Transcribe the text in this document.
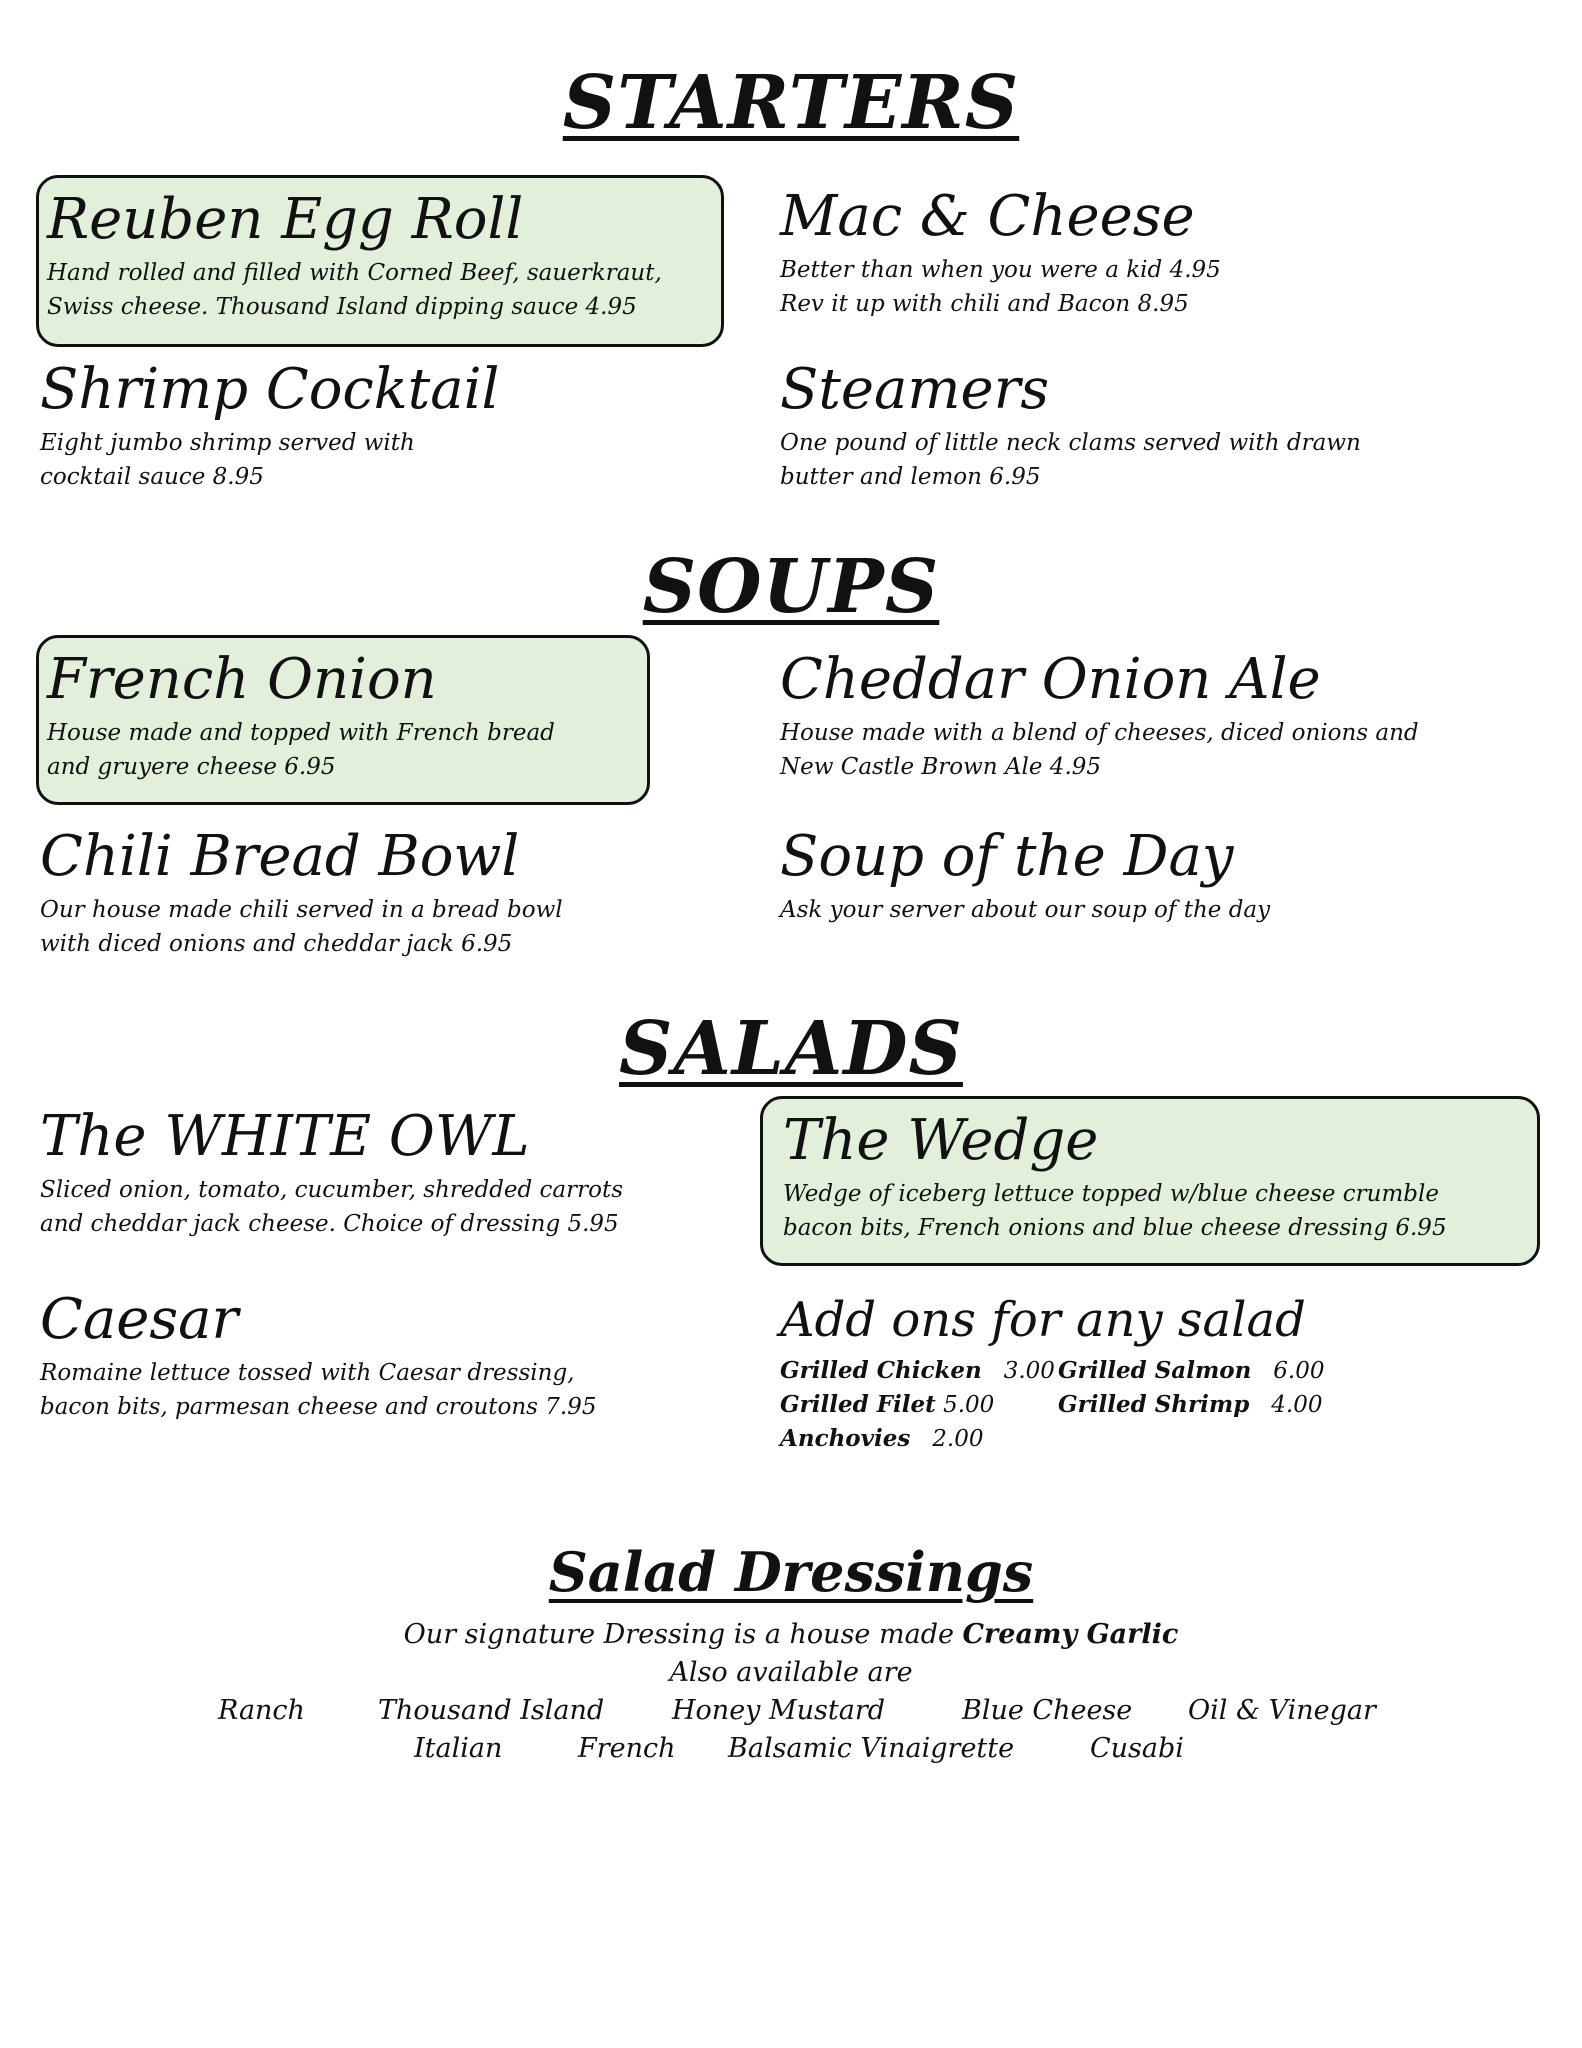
STARTERS
Reuben Egg Roll
Hand rolled and filled with Corned Beef, sauerkraut,
Swiss cheese. Thousand Island dipping sauce 4.95
Mac & Cheese
Better than when you were a kid 4.95
Rev it up with chili and Bacon 8.95
Shrimp Cocktail
Eight jumbo shrimp served with
cocktail sauce 8.95
Steamers
One pound of little neck clams served with drawn
butter and lemon 6.95
SOUPS
French Onion
House made and topped with French bread
and gruyere cheese 6.95
Cheddar Onion Ale
House made with a blend of cheeses, diced onions and
New Castle Brown Ale 4.95
Chili Bread Bowl
Our house made chili served in a bread bowl
with diced onions and cheddar jack 6.95
Soup of the Day
Ask your server about our soup of the day
SALADS
The WHITE OWL
Sliced onion, tomato, cucumber, shredded carrots
and cheddar jack cheese. Choice of dressing 5.95
The Wedge
Wedge of iceberg lettuce topped w/blue cheese crumble
bacon bits, French onions and blue cheese dressing 6.95
Caesar
Romaine lettuce tossed with Caesar dressing,
bacon bits, parmesan cheese and croutons 7.95
Add ons for any salad
Grilled Chicken 3.00 Grilled Salmon 6.00
Grilled Filet 5.00	Grilled Shrimp 4.00
Anchovies 2.00
Salad Dressings
Our signature Dressing is a house made Creamy Garlic
Also available are
Ranch	Thousand Island	Honey Mustard	Blue Cheese Oil & Vinegar
Italian	French Balsamic Vinaigrette	Cusabi
